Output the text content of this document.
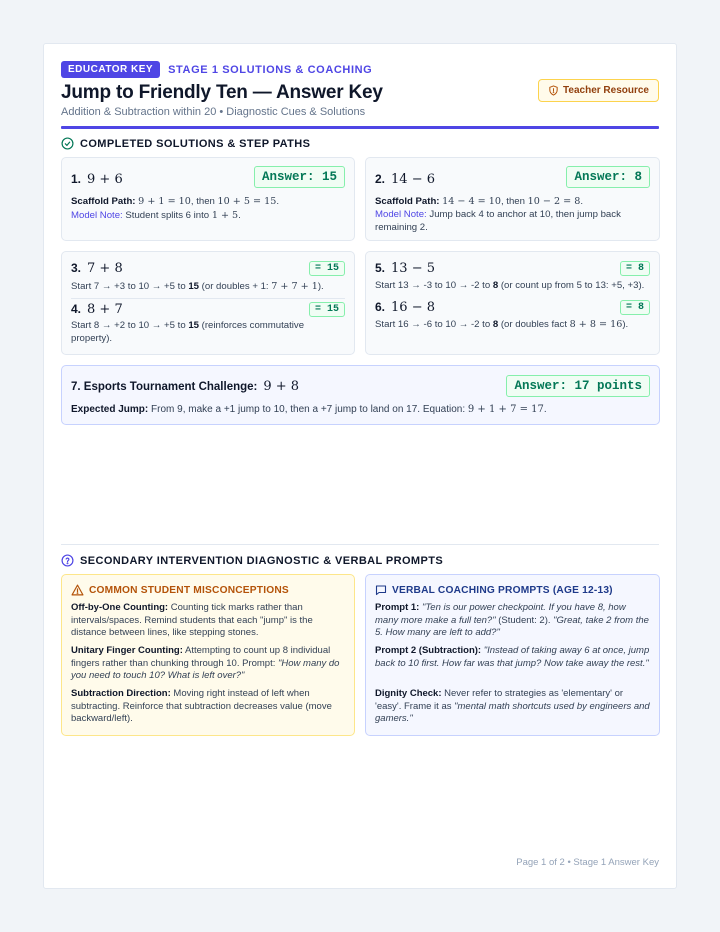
EDUCATOR KEY	STAGE 1 SOLUTIONS & COACHING
Jump to Friendly Ten — Answer Key
Addition & Subtraction within 20 • Diagnostic Cues & Solutions
Teacher Resource
COMPLETED SOLUTIONS & STEP PATHS
1. 9 + 6	Answer: 15
Scaffold Path: 9 + 1 = 10, then 10 + 5 = 15.
Model Note: Student splits 6 into 1 + 5.
2. 14 − 6	Answer: 8
Scaffold Path: 14 − 4 = 10, then 10 − 2 = 8.
Model Note: Jump back 4 to anchor at 10, then jump back remaining 2.
3. 7 + 8	= 15
Start 7 → +3 to 10 → +5 to 15 (or doubles + 1: 7 + 7 + 1).
4. 8 + 7	= 15
Start 8 → +2 to 10 → +5 to 15 (reinforces commutative property).
5. 13 − 5	= 8
Start 13 → -3 to 10 → -2 to 8 (or count up from 5 to 13: +5, +3).
6. 16 − 8	= 8
Start 16 → -6 to 10 → -2 to 8 (or doubles fact 8 + 8 = 16).
7. Esports Tournament Challenge: 9 + 8	Answer: 17 points
Expected Jump: From 9, make a +1 jump to 10, then a +7 jump to land on 17. Equation: 9 + 1 + 7 = 17.
SECONDARY INTERVENTION DIAGNOSTIC & VERBAL PROMPTS
COMMON STUDENT MISCONCEPTIONS
Off-by-One Counting: Counting tick marks rather than intervals/spaces. Remind students that each "jump" is the distance between lines, like stepping stones.
Unitary Finger Counting: Attempting to count up 8 individual fingers rather than chunking through 10. Prompt: "How many do you need to touch 10? What is left over?"
Subtraction Direction: Moving right instead of left when subtracting. Reinforce that subtraction decreases value (move backward/left).
VERBAL COACHING PROMPTS (AGE 12-13)
Prompt 1: "Ten is our power checkpoint. If you have 8, how many more make a full ten?" (Student: 2). "Great, take 2 from the 5. How many are left to add?"
Prompt 2 (Subtraction): "Instead of taking away 6 at once, jump back to 10 first. How far was that jump? Now take away the rest."
Dignity Check: Never refer to strategies as 'elementary' or 'easy'. Frame it as "mental math shortcuts used by engineers and gamers."
Page 1 of 2 • Stage 1 Answer Key
